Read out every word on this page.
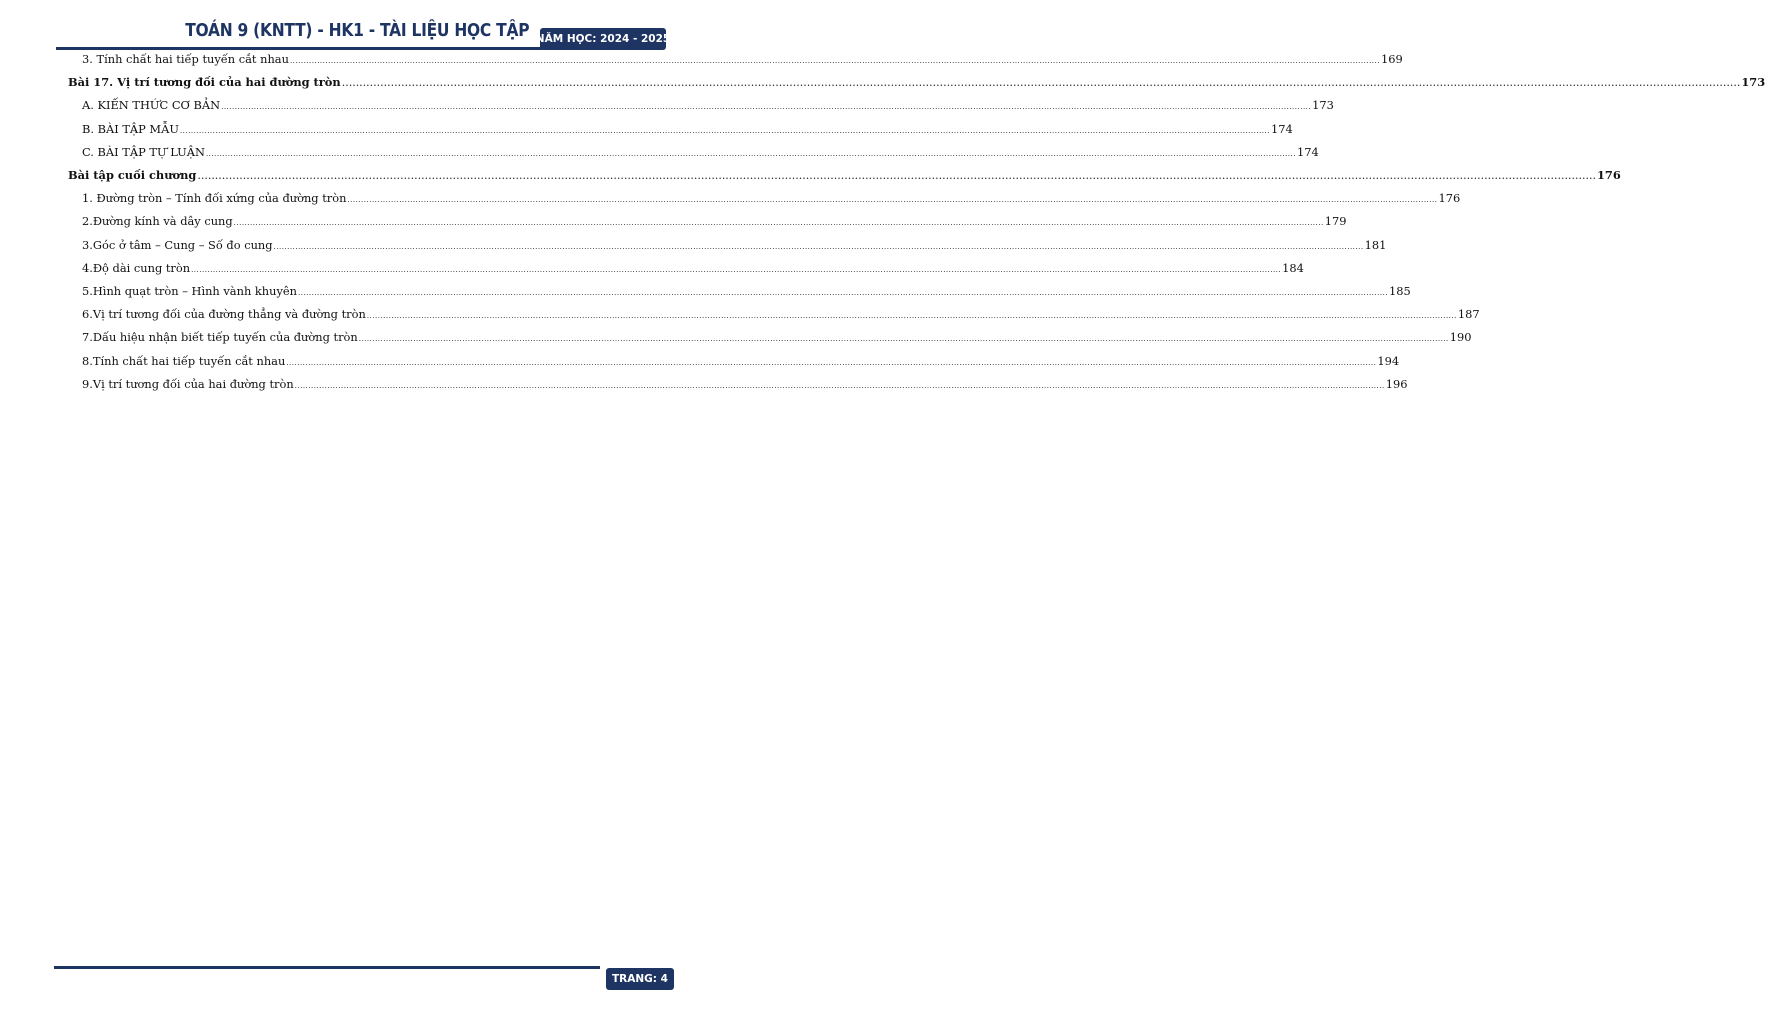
TOÁN 9 (KNTT) - HK1 - TÀI LIỆU HỌC TẬP NĂM HỌC: 2024 - 2025
3. Tính chất hai tiếp tuyến cắt nhau ................................................................................................................................................................................................................................................................................................................................................................................................................ 169
Bài 17. Vị trí tương đối của hai đường tròn ................................................................................................................................................................................................................................................................................................................................................................................................................ 173
A. KIẾN THỨC CƠ BẢN ................................................................................................................................................................................................................................................................................................................................................................................................................ 173
B. BÀI TẬP MẪU ................................................................................................................................................................................................................................................................................................................................................................................................................ 174
C. BÀI TẬP TỰ LUẬN ................................................................................................................................................................................................................................................................................................................................................................................................................ 174
Bài tập cuối chương ................................................................................................................................................................................................................................................................................................................................................................................................................ 176
1. Đường tròn – Tính đối xứng của đường tròn ................................................................................................................................................................................................................................................................................................................................................................................................................ 176
2.Đường kính và dây cung ................................................................................................................................................................................................................................................................................................................................................................................................................ 179
3.Góc ở tâm – Cung – Số đo cung ................................................................................................................................................................................................................................................................................................................................................................................................................ 181
4.Độ dài cung tròn ................................................................................................................................................................................................................................................................................................................................................................................................................ 184
5.Hình quạt tròn – Hình vành khuyên ................................................................................................................................................................................................................................................................................................................................................................................................................ 185
6.Vị trí tương đối của đường thẳng và đường tròn ................................................................................................................................................................................................................................................................................................................................................................................................................ 187
7.Dấu hiệu nhận biết tiếp tuyến của đường tròn ................................................................................................................................................................................................................................................................................................................................................................................................................ 190
8.Tính chất hai tiếp tuyến cắt nhau ................................................................................................................................................................................................................................................................................................................................................................................................................ 194
9.Vị trí tương đối của hai đường tròn ................................................................................................................................................................................................................................................................................................................................................................................................................ 196
TRANG: 4
